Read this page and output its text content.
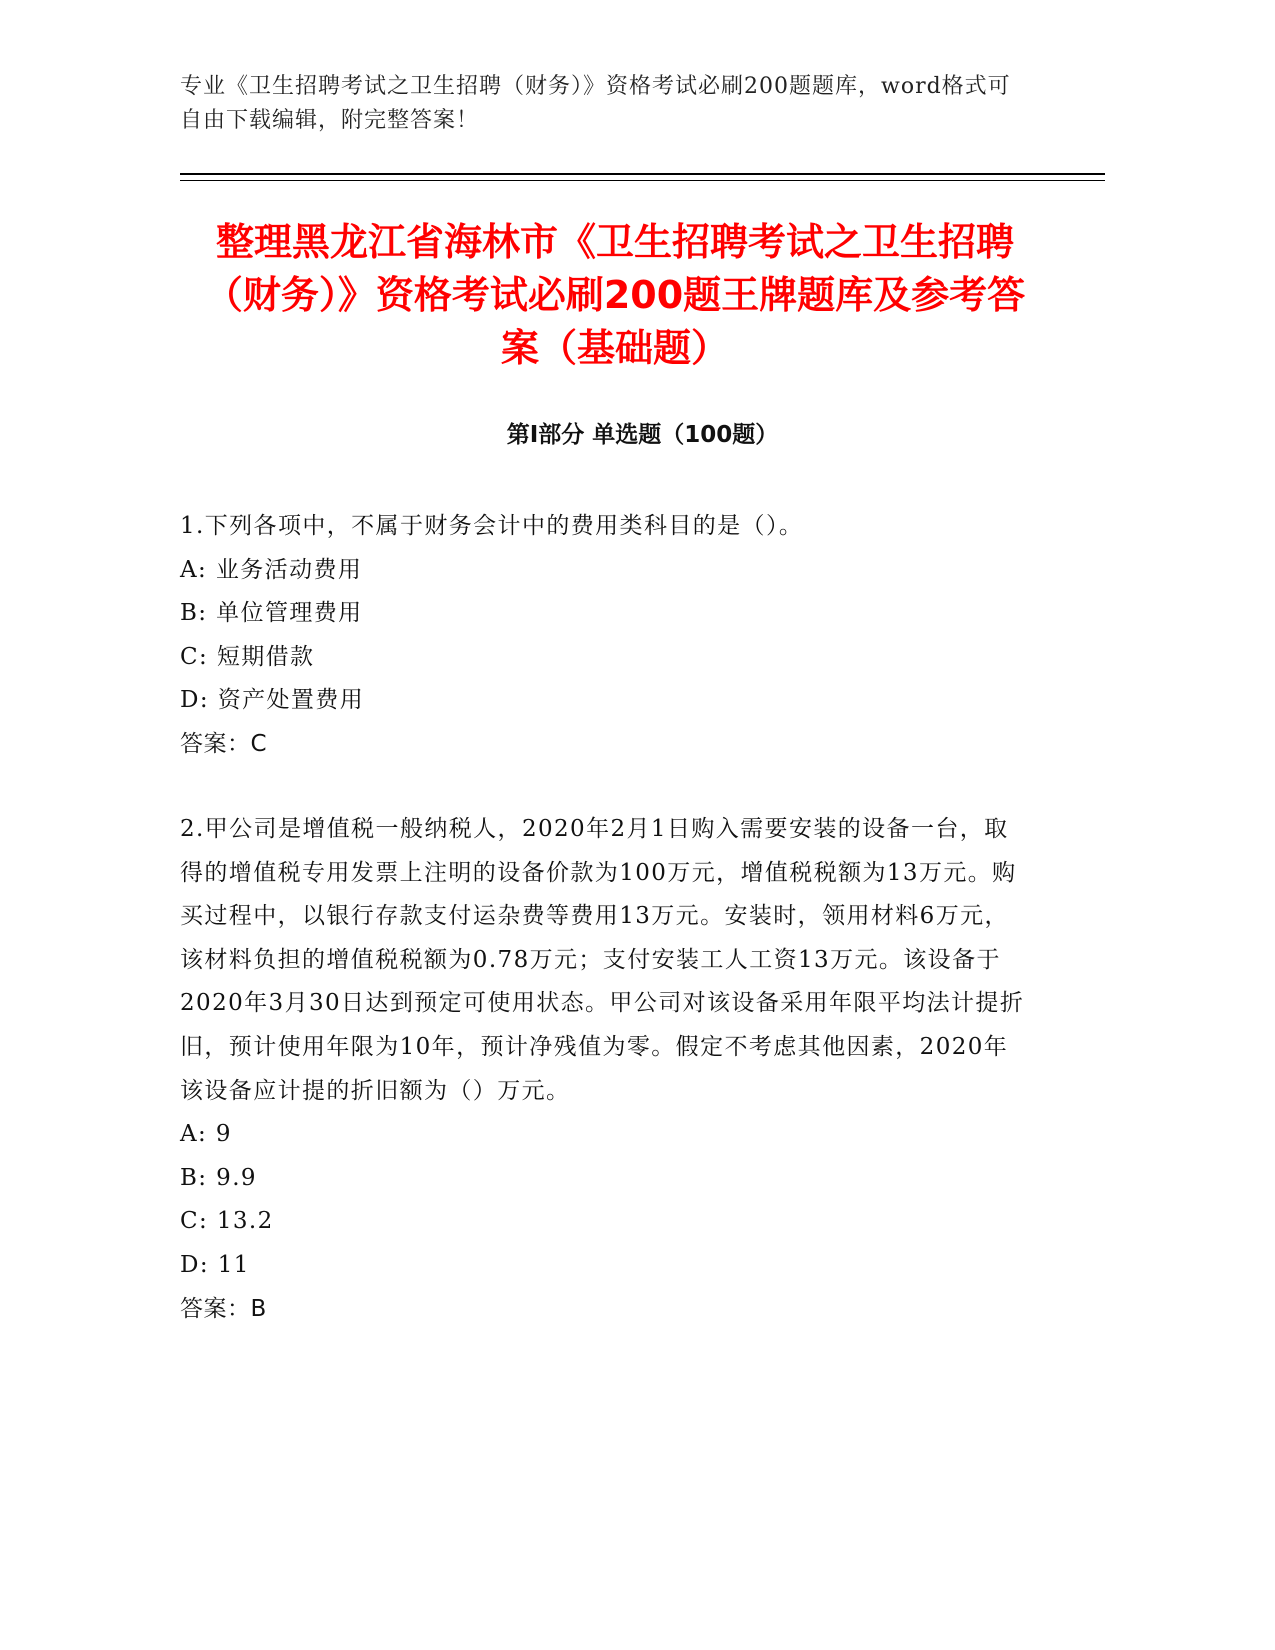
专业《卫生招聘考试之卫生招聘（财务）》资格考试必刷200题题库，word格式可自由下载编辑，附完整答案！
整理黑龙江省海林市《卫生招聘考试之卫生招聘（财务）》资格考试必刷200题王牌题库及参考答案（基础题）
第I部分 单选题（100题）

1.下列各项中，不属于财务会计中的费用类科目的是（）。

A: 业务活动费用

B: 单位管理费用

C: 短期借款

D: 资产处置费用

答案：C

2.甲公司是增值税一般纳税人，2020年2月1日购入需要安装的设备一台，取得的增值税专用发票上注明的设备价款为100万元，增值税税额为13万元。购买过程中，以银行存款支付运杂费等费用13万元。安装时，领用材料6万元，该材料负担的增值税税额为0.78万元；支付安装工人工资13万元。该设备于2020年3月30日达到预定可使用状态。甲公司对该设备采用年限平均法计提折旧，预计使用年限为10年，预计净残值为零。假定不考虑其他因素，2020年该设备应计提的折旧额为（）万元。

A: 9

B: 9.9

C: 13.2

D: 11

答案：B
